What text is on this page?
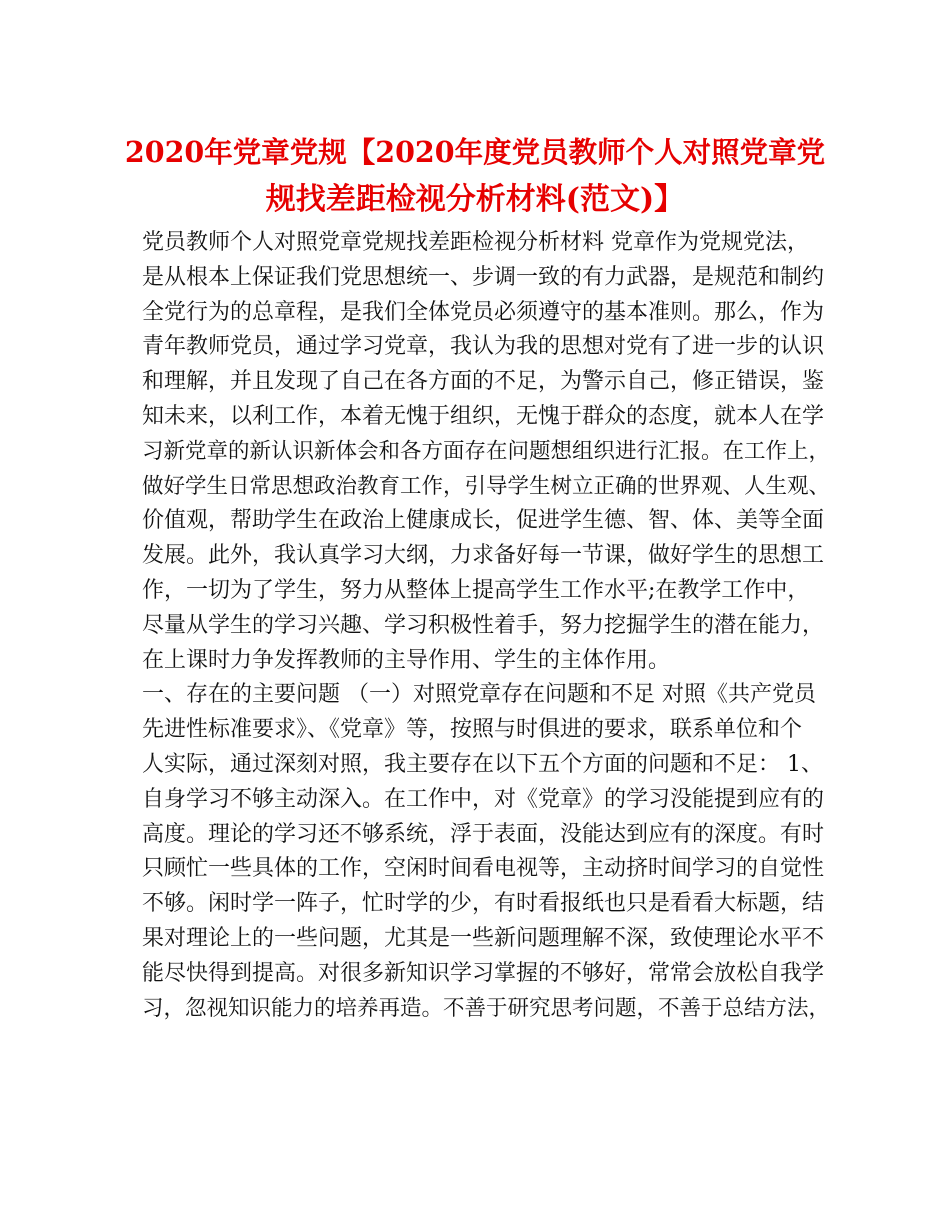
2020年党章党规【2020年度党员教师个人对照党章党
规找差距检视分析材料(范文)】
党员教师个人对照党章党规找差距检视分析材料 党章作为党规党法，
是从根本上保证我们党思想统一、步调一致的有力武器，是规范和制约
全党行为的总章程，是我们全体党员必须遵守的基本准则。那么，作为
青年教师党员，通过学习党章，我认为我的思想对党有了进一步的认识
和理解，并且发现了自己在各方面的不足，为警示自己，修正错误，鉴
知未来，以利工作，本着无愧于组织，无愧于群众的态度，就本人在学
习新党章的新认识新体会和各方面存在问题想组织进行汇报。在工作上，
做好学生日常思想政治教育工作，引导学生树立正确的世界观、人生观、
价值观，帮助学生在政治上健康成长，促进学生德、智、体、美等全面
发展。此外，我认真学习大纲，力求备好每一节课，做好学生的思想工
作，一切为了学生，努力从整体上提高学生工作水平;在教学工作中，
尽量从学生的学习兴趣、学习积极性着手，努力挖掘学生的潜在能力，
在上课时力争发挥教师的主导作用、学生的主体作用。
一、存在的主要问题 （一）对照党章存在问题和不足 对照《共产党员
先进性标准要求》、《党章》等，按照与时俱进的要求，联系单位和个
人实际，通过深刻对照，我主要存在以下五个方面的问题和不足： 1、
自身学习不够主动深入。在工作中，对《党章》的学习没能提到应有的
高度。理论的学习还不够系统，浮于表面，没能达到应有的深度。有时
只顾忙一些具体的工作，空闲时间看电视等，主动挤时间学习的自觉性
不够。闲时学一阵子，忙时学的少，有时看报纸也只是看看大标题，结
果对理论上的一些问题，尤其是一些新问题理解不深，致使理论水平不
能尽快得到提高。对很多新知识学习掌握的不够好，常常会放松自我学
习，忽视知识能力的培养再造。不善于研究思考问题，不善于总结方法，
